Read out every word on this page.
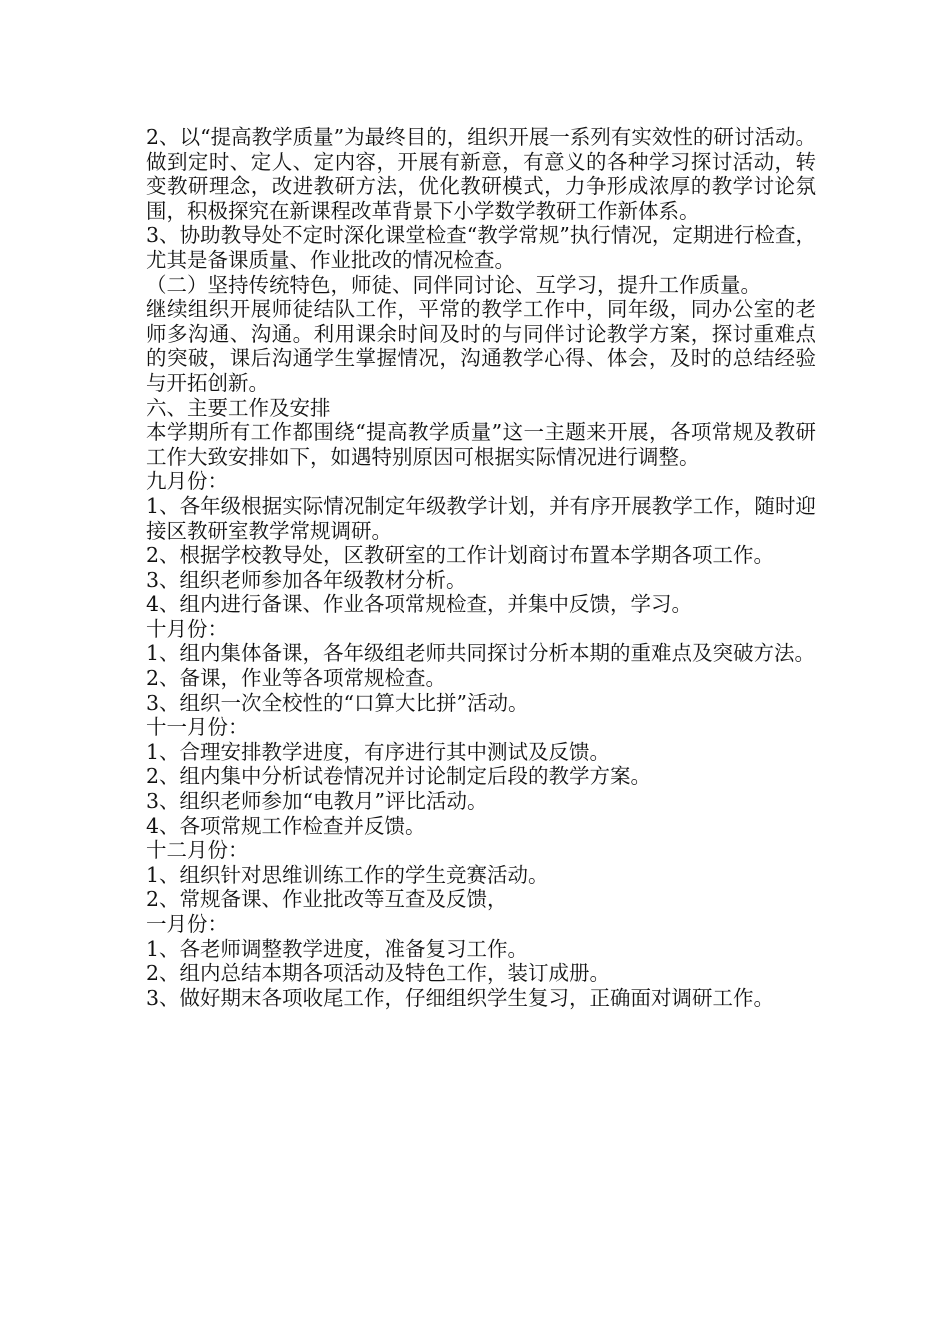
2、以“提高教学质量”为最终目的，组织开展一系列有实效性的研讨活动。做到定时、定人、定内容，开展有新意，有意义的各种学习探讨活动，转变教研理念，改进教研方法，优化教研模式，力争形成浓厚的教学讨论氛围，积极探究在新课程改革背景下小学数学教研工作新体系。

3、协助教导处不定时深化课堂检查“教学常规”执行情况，定期进行检查，尤其是备课质量、作业批改的情况检查。

（二）坚持传统特色，师徒、同伴同讨论、互学习，提升工作质量。

继续组织开展师徒结队工作，平常的教学工作中，同年级，同办公室的老师多沟通、沟通。利用课余时间及时的与同伴讨论教学方案，探讨重难点的突破，课后沟通学生掌握情况，沟通教学心得、体会，及时的总结经验与开拓创新。

六、主要工作及安排

本学期所有工作都围绕“提高教学质量”这一主题来开展，各项常规及教研工作大致安排如下，如遇特别原因可根据实际情况进行调整。

九月份：

1、各年级根据实际情况制定年级教学计划，并有序开展教学工作，随时迎接区教研室教学常规调研。

2、根据学校教导处，区教研室的工作计划商讨布置本学期各项工作。

3、组织老师参加各年级教材分析。

4、组内进行备课、作业各项常规检查，并集中反馈，学习。

十月份：

1、组内集体备课，各年级组老师共同探讨分析本期的重难点及突破方法。

2、备课，作业等各项常规检查。

3、组织一次全校性的“口算大比拼”活动。

十一月份：

1、合理安排教学进度，有序进行其中测试及反馈。

2、组内集中分析试卷情况并讨论制定后段的教学方案。

3、组织老师参加“电教月”评比活动。

4、各项常规工作检查并反馈。

十二月份：

1、组织针对思维训练工作的学生竞赛活动。

2、常规备课、作业批改等互查及反馈，

一月份：

1、各老师调整教学进度，准备复习工作。

2、组内总结本期各项活动及特色工作，装订成册。

3、做好期末各项收尾工作，仔细组织学生复习，正确面对调研工作。
